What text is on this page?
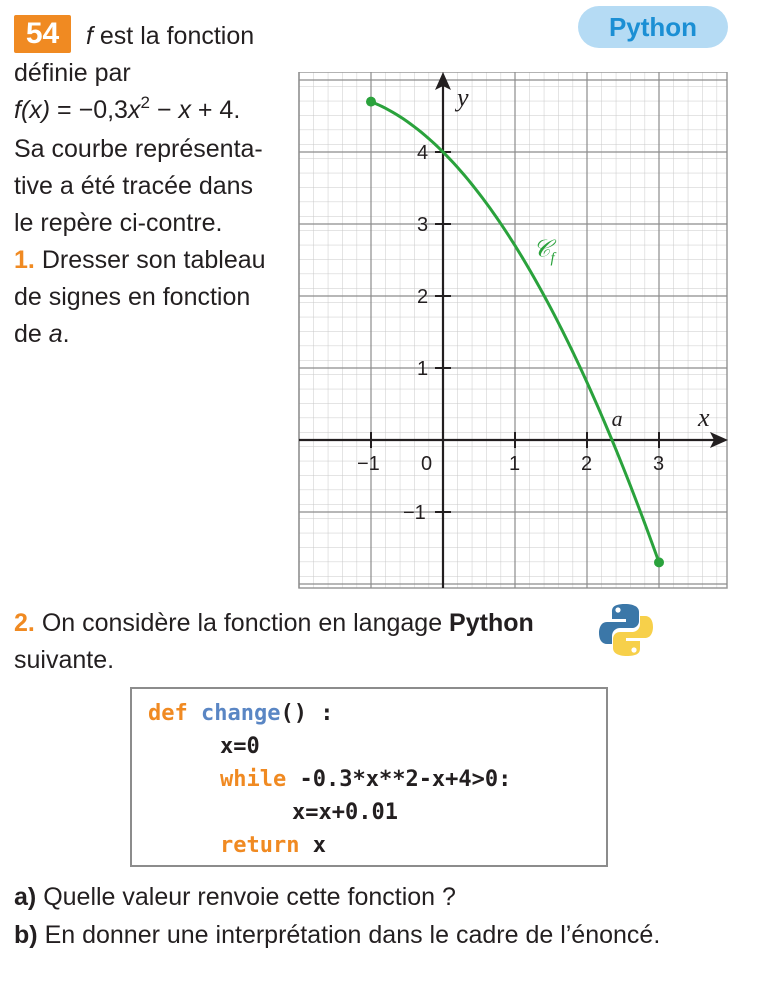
54	Python
f est la fonction
définie par
$f(x) = -0,3x^2 - x + 4$.
Sa courbe représenta-
tive a été tracée dans
le repère ci-contre.
1. Dresser son tableau
de signes en fonction
de a.
𝒞$_f$
a	x
y
−1 0	1	2	3
4
3
2
1
−1
2. On considère la fonction en langage Python
suivante.
def change() :
x=0
while -0.3*x**2-x+4>0:
x=x+0.01
return x
a) Quelle valeur renvoie cette fonction ?
b) En donner une interprétation dans le cadre de l’énoncé.
